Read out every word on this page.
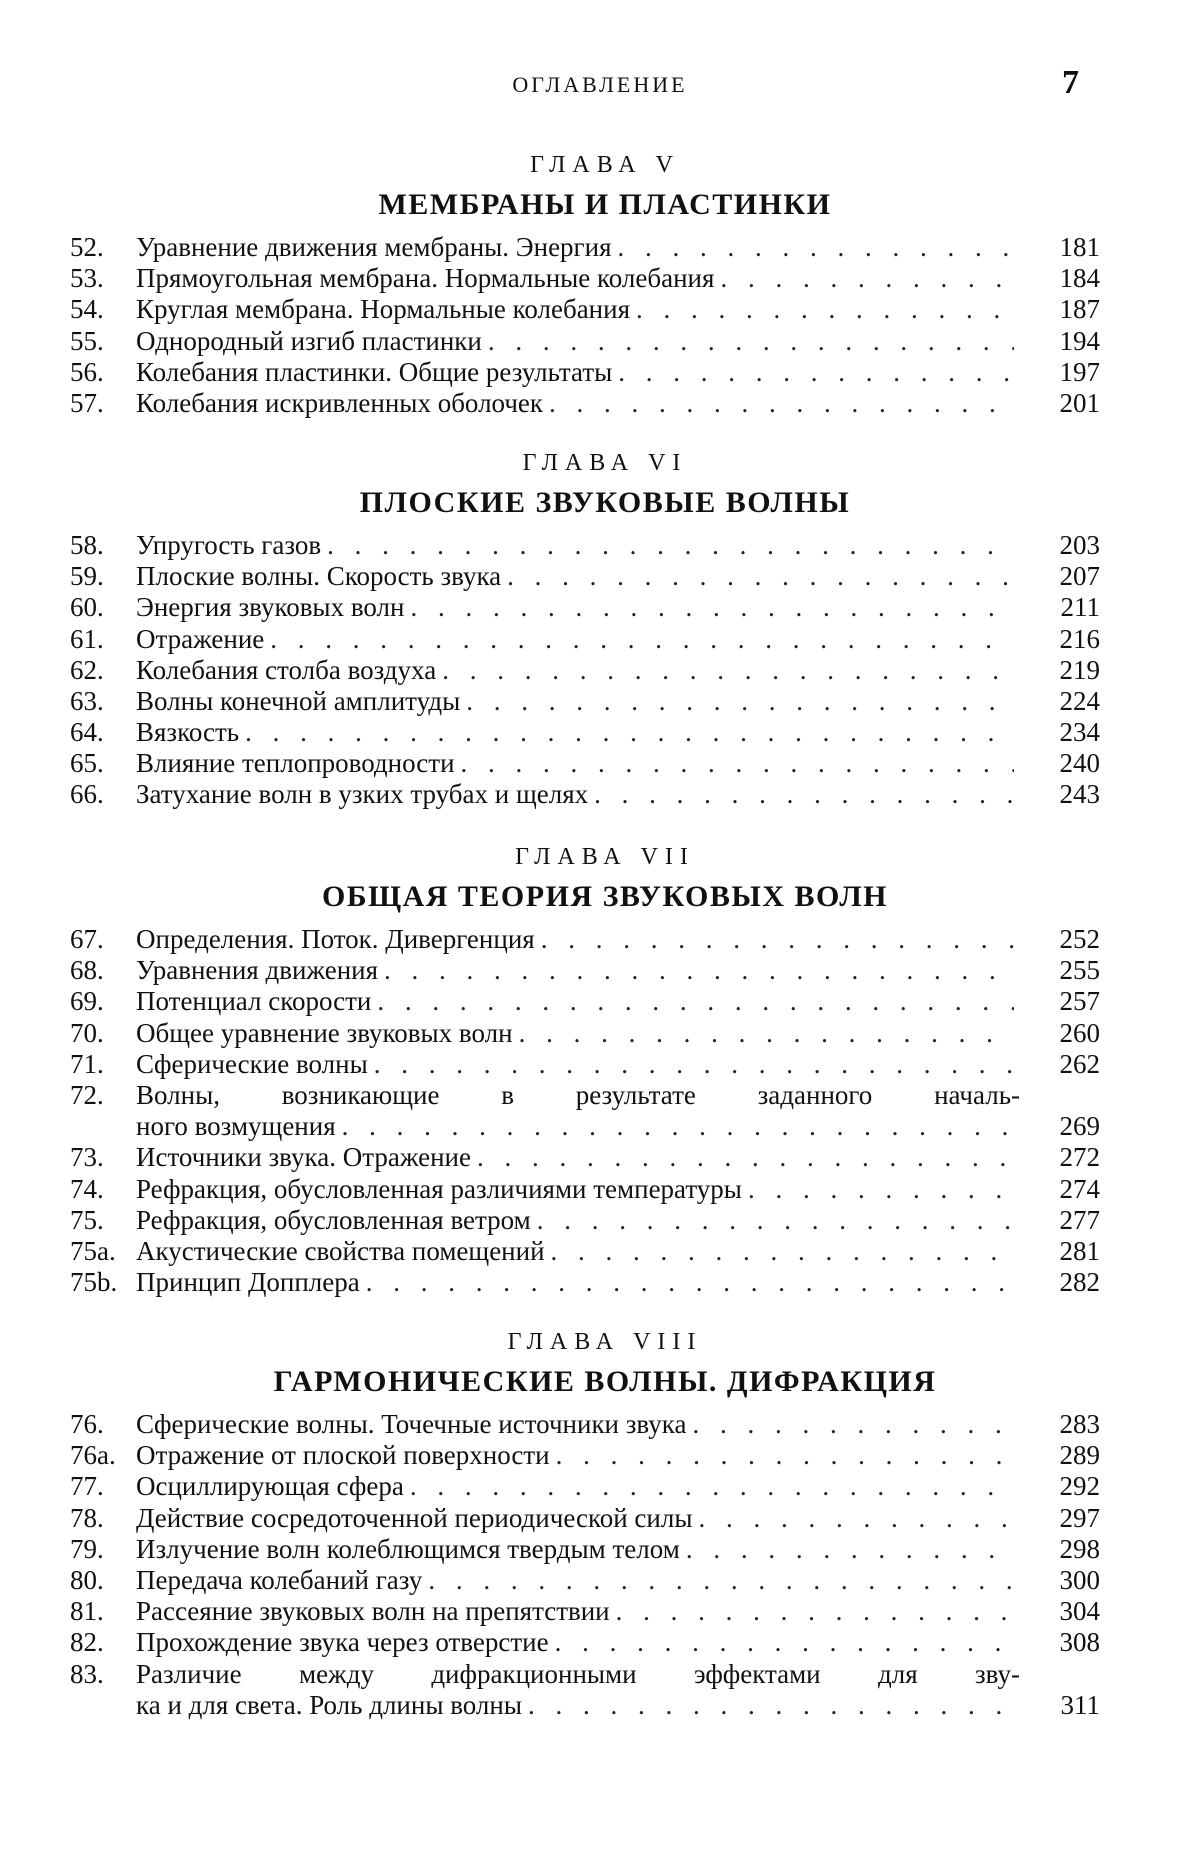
ОГЛАВЛЕНИЕ	7
ГЛАВА V
МЕМБРАНЫ И ПЛАСТИНКИ
52.	Уравнение движения мембраны. Энергия . . .	181
53.	Прямоугольная мембрана. Нормальные колебания . . .	184
54.	Круглая мембрана. Нормальные колебания . . .	187
55.	Однородный изгиб пластинки . . .	194
56.	Колебания пластинки. Общие результаты . . .	197
57.	Колебания искривленных оболочек . . .	201
ГЛАВА VI
ПЛОСКИЕ ЗВУКОВЫЕ ВОЛНЫ
58.	Упругость газов . . .	203
59.	Плоские волны. Скорость звука . . .	207
60.	Энергия звуковых волн . . .	211
61.	Отражение . . .	216
62.	Колебания столба воздуха . . .	219
63.	Волны конечной амплитуды . . .	224
64.	Вязкость . . .	234
65.	Влияние теплопроводности . . .	240
66.	Затухание волн в узких трубах и щелях . . .	243
ГЛАВА VII
ОБЩАЯ ТЕОРИЯ ЗВУКОВЫХ ВОЛН
67.	Определения. Поток. Дивергенция . . .	252
68.	Уравнения движения . . .	255
69.	Потенциал скорости . . .	257
70.	Общее уравнение звуковых волн . . .	260
71.	Сферические волны . . .	262
72.	Волны, возникающие в результате заданного началь-
ного возмущения . . .	269
73.	Источники звука. Отражение . . .	272
74.	Рефракция, обусловленная различиями температуры . . .	274
75.	Рефракция, обусловленная ветром . . .	277
75a. Акустические свойства помещений . . .	281
75b. Принцип Допплера . . .	282
ГЛАВА VIII
ГАРМОНИЧЕСКИЕ ВОЛНЫ. ДИФРАКЦИЯ
76.	Сферические волны. Точечные источники звука . . .	283
76a. Отражение от плоской поверхности . . .	289
77.	Осциллирующая сфера . . .	292
78.	Действие сосредоточенной периодической силы . . .	297
79.	Излучение волн колеблющимся твердым телом . . .	298
80.	Передача колебаний газу . . .	300
81.	Рассеяние звуковых волн на препятствии . . .	304
82.	Прохождение звука через отверстие . . .	308
83.	Различие между дифракционными эффектами для зву-
ка и для света. Роль длины волны . . .	311
